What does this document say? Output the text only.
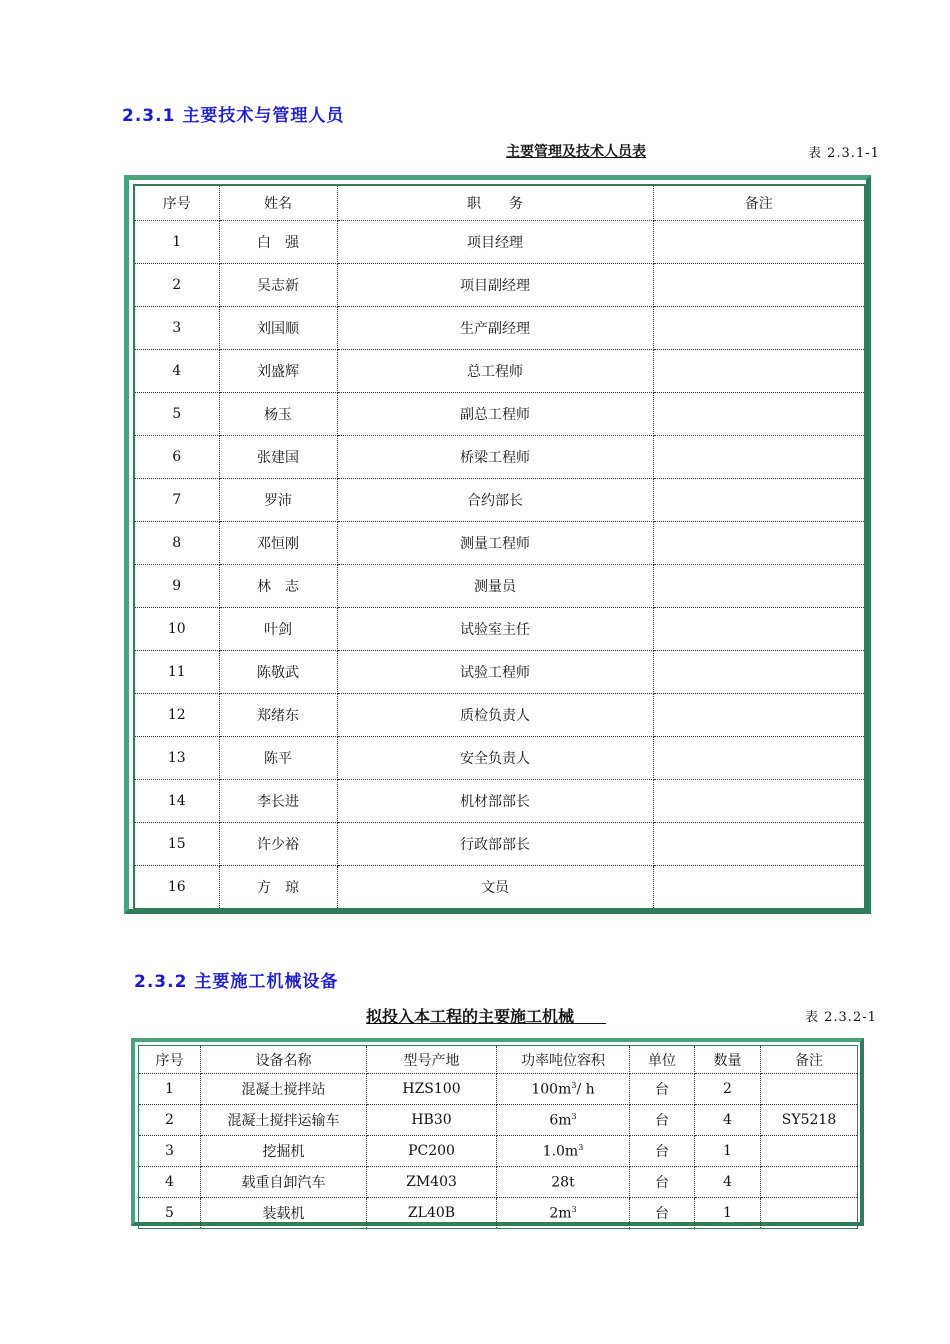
2.3.1 主要技术与管理人员
主要管理及技术人员表	表 2.3.1-1
序号	姓名	职　　务	备注
1	白　强	项目经理	
2	吴志新	项目副经理	
3	刘国顺	生产副经理	
4	刘盛辉	总工程师	
5	杨玉	副总工程师	
6	张建国	桥梁工程师	
7	罗沛	合约部长	
8	邓恒刚	测量工程师	
9	林　志	测量员	
10	叶剑	试验室主任	
11	陈敬武	试验工程师	
12	郑绪东	质检负责人	
13	陈平	安全负责人	
14	李长进	机材部部长	
15	许少裕	行政部部长	
16	方　琼	文员	
2.3.2 主要施工机械设备
拟投入本工程的主要施工机械　　	表 2.3.2-1
序号	设备名称	型号产地	功率吨位容积	单位	数量	备注
1	混凝土搅拌站	HZS100	$100m^3/$ h	台	2	
2	混凝土搅拌运输车	HB30	$6m^3$	台	4	SY5218
3	挖掘机	PC200	$1.0m^3$	台	1	
4	载重自卸汽车	ZM403	28t	台	4	
5	装载机	ZL40B	$2m^3$	台	1	
